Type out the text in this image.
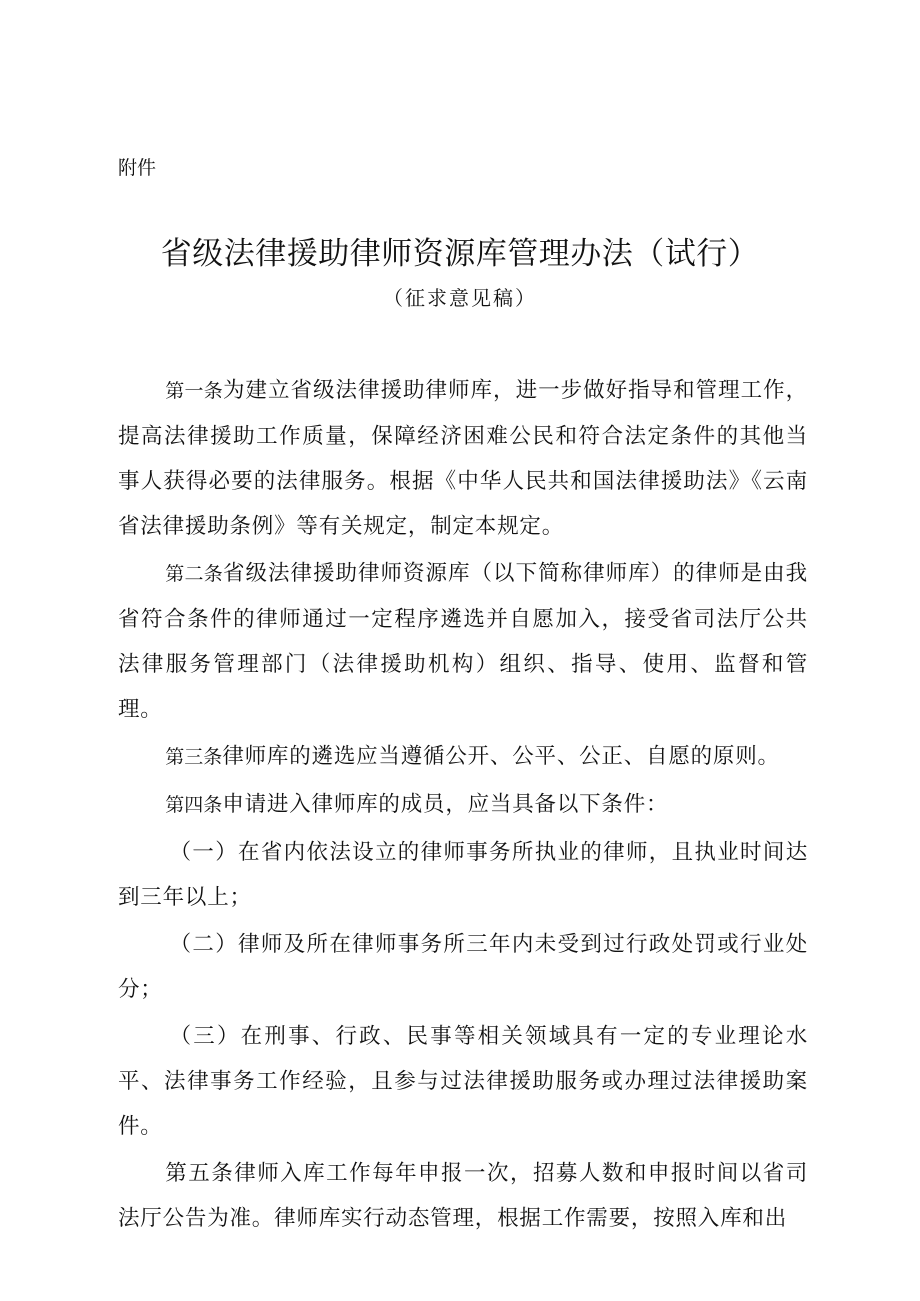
附件
省级法律援助律师资源库管理办法（试行）
（征求意见稿）

第一条为建立省级法律援助律师库，进一步做好指导和管理工作，提高法律援助工作质量，保障经济困难公民和符合法定条件的其他当事人获得必要的法律服务。根据《中华人民共和国法律援助法》《云南省法律援助条例》等有关规定，制定本规定。

第二条省级法律援助律师资源库（以下简称律师库）的律师是由我省符合条件的律师通过一定程序遴选并自愿加入，接受省司法厅公共法律服务管理部门（法律援助机构）组织、指导、使用、监督和管理。

第三条律师库的遴选应当遵循公开、公平、公正、自愿的原则。

第四条申请进入律师库的成员，应当具备以下条件：

（一）在省内依法设立的律师事务所执业的律师，且执业时间达到三年以上；

（二）律师及所在律师事务所三年内未受到过行政处罚或行业处分；

（三）在刑事、行政、民事等相关领域具有一定的专业理论水平、法律事务工作经验，且参与过法律援助服务或办理过法律援助案件。

第五条律师入库工作每年申报一次，招募人数和申报时间以省司法厅公告为准。律师库实行动态管理，根据工作需要，按照入库和出
